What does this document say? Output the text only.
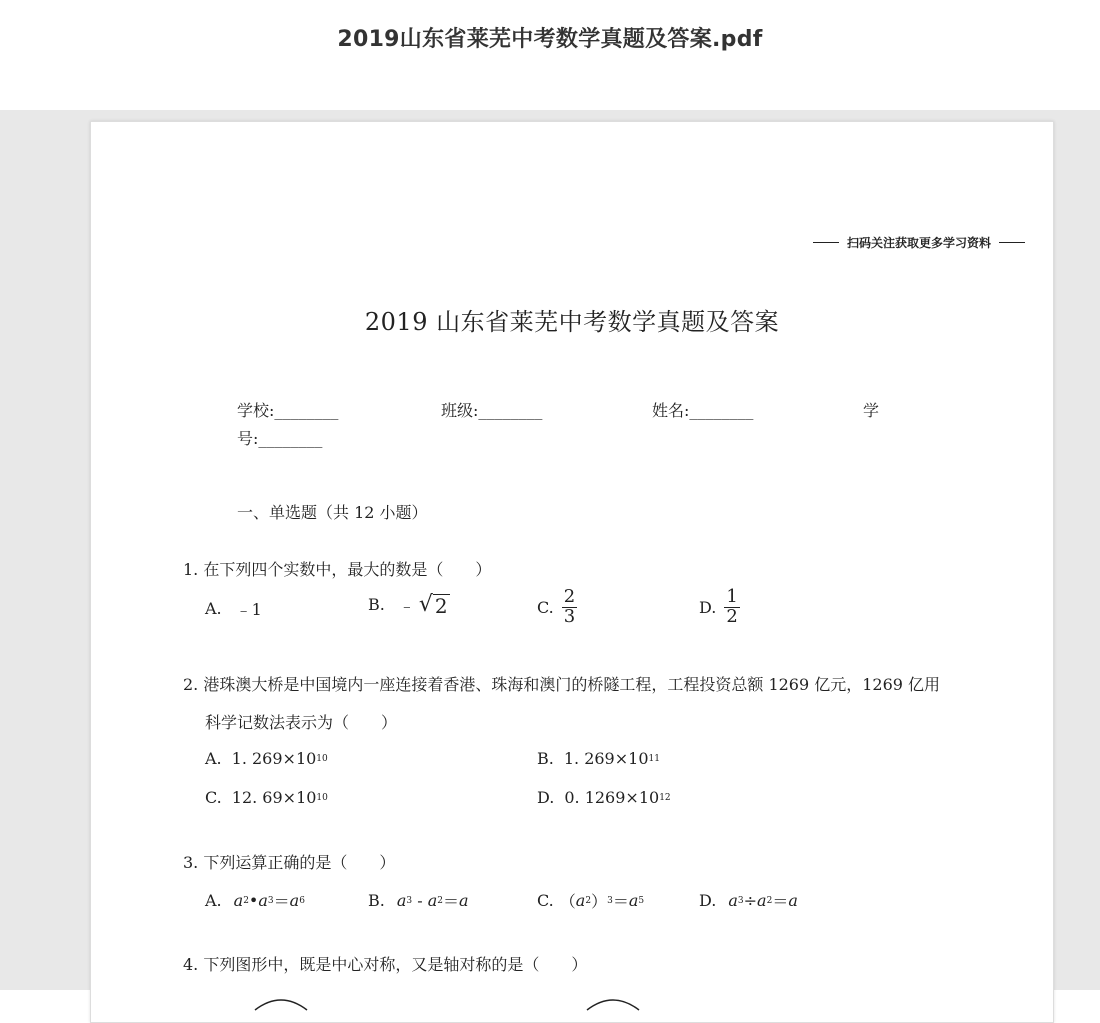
2019山东省莱芜中考数学真题及答案.pdf
扫码关注获取更多学习资料
2019 山东省莱芜中考数学真题及答案
学校:________	班级:________	姓名:________	学
号:________
一、单选题（共 12 小题）
1. 在下列四个实数中，最大的数是（　　）
A. ﹣1	B. ﹣ √ 2	C. $\frac{2}{3}$	D. $\frac{1}{2}$
2. 港珠澳大桥是中国境内一座连接着香港、珠海和澳门的桥隧工程，工程投资总额 1269 亿元，1269 亿用
科学记数法表示为（　　）
A. 1. 269×10 10	B. 1. 269×10 11
C. 12. 69×10 10	D. 0. 1269×10 12
3. 下列运算正确的是（　　）
A. a 2 • a 3 ＝ a 6	B. a 3 - a 2 ＝ a	C. （ a 2 ） 3 ＝ a 5	D. a 3 ÷ a 2 ＝ a
4. 下列图形中，既是中心对称，又是轴对称的是（　　）
